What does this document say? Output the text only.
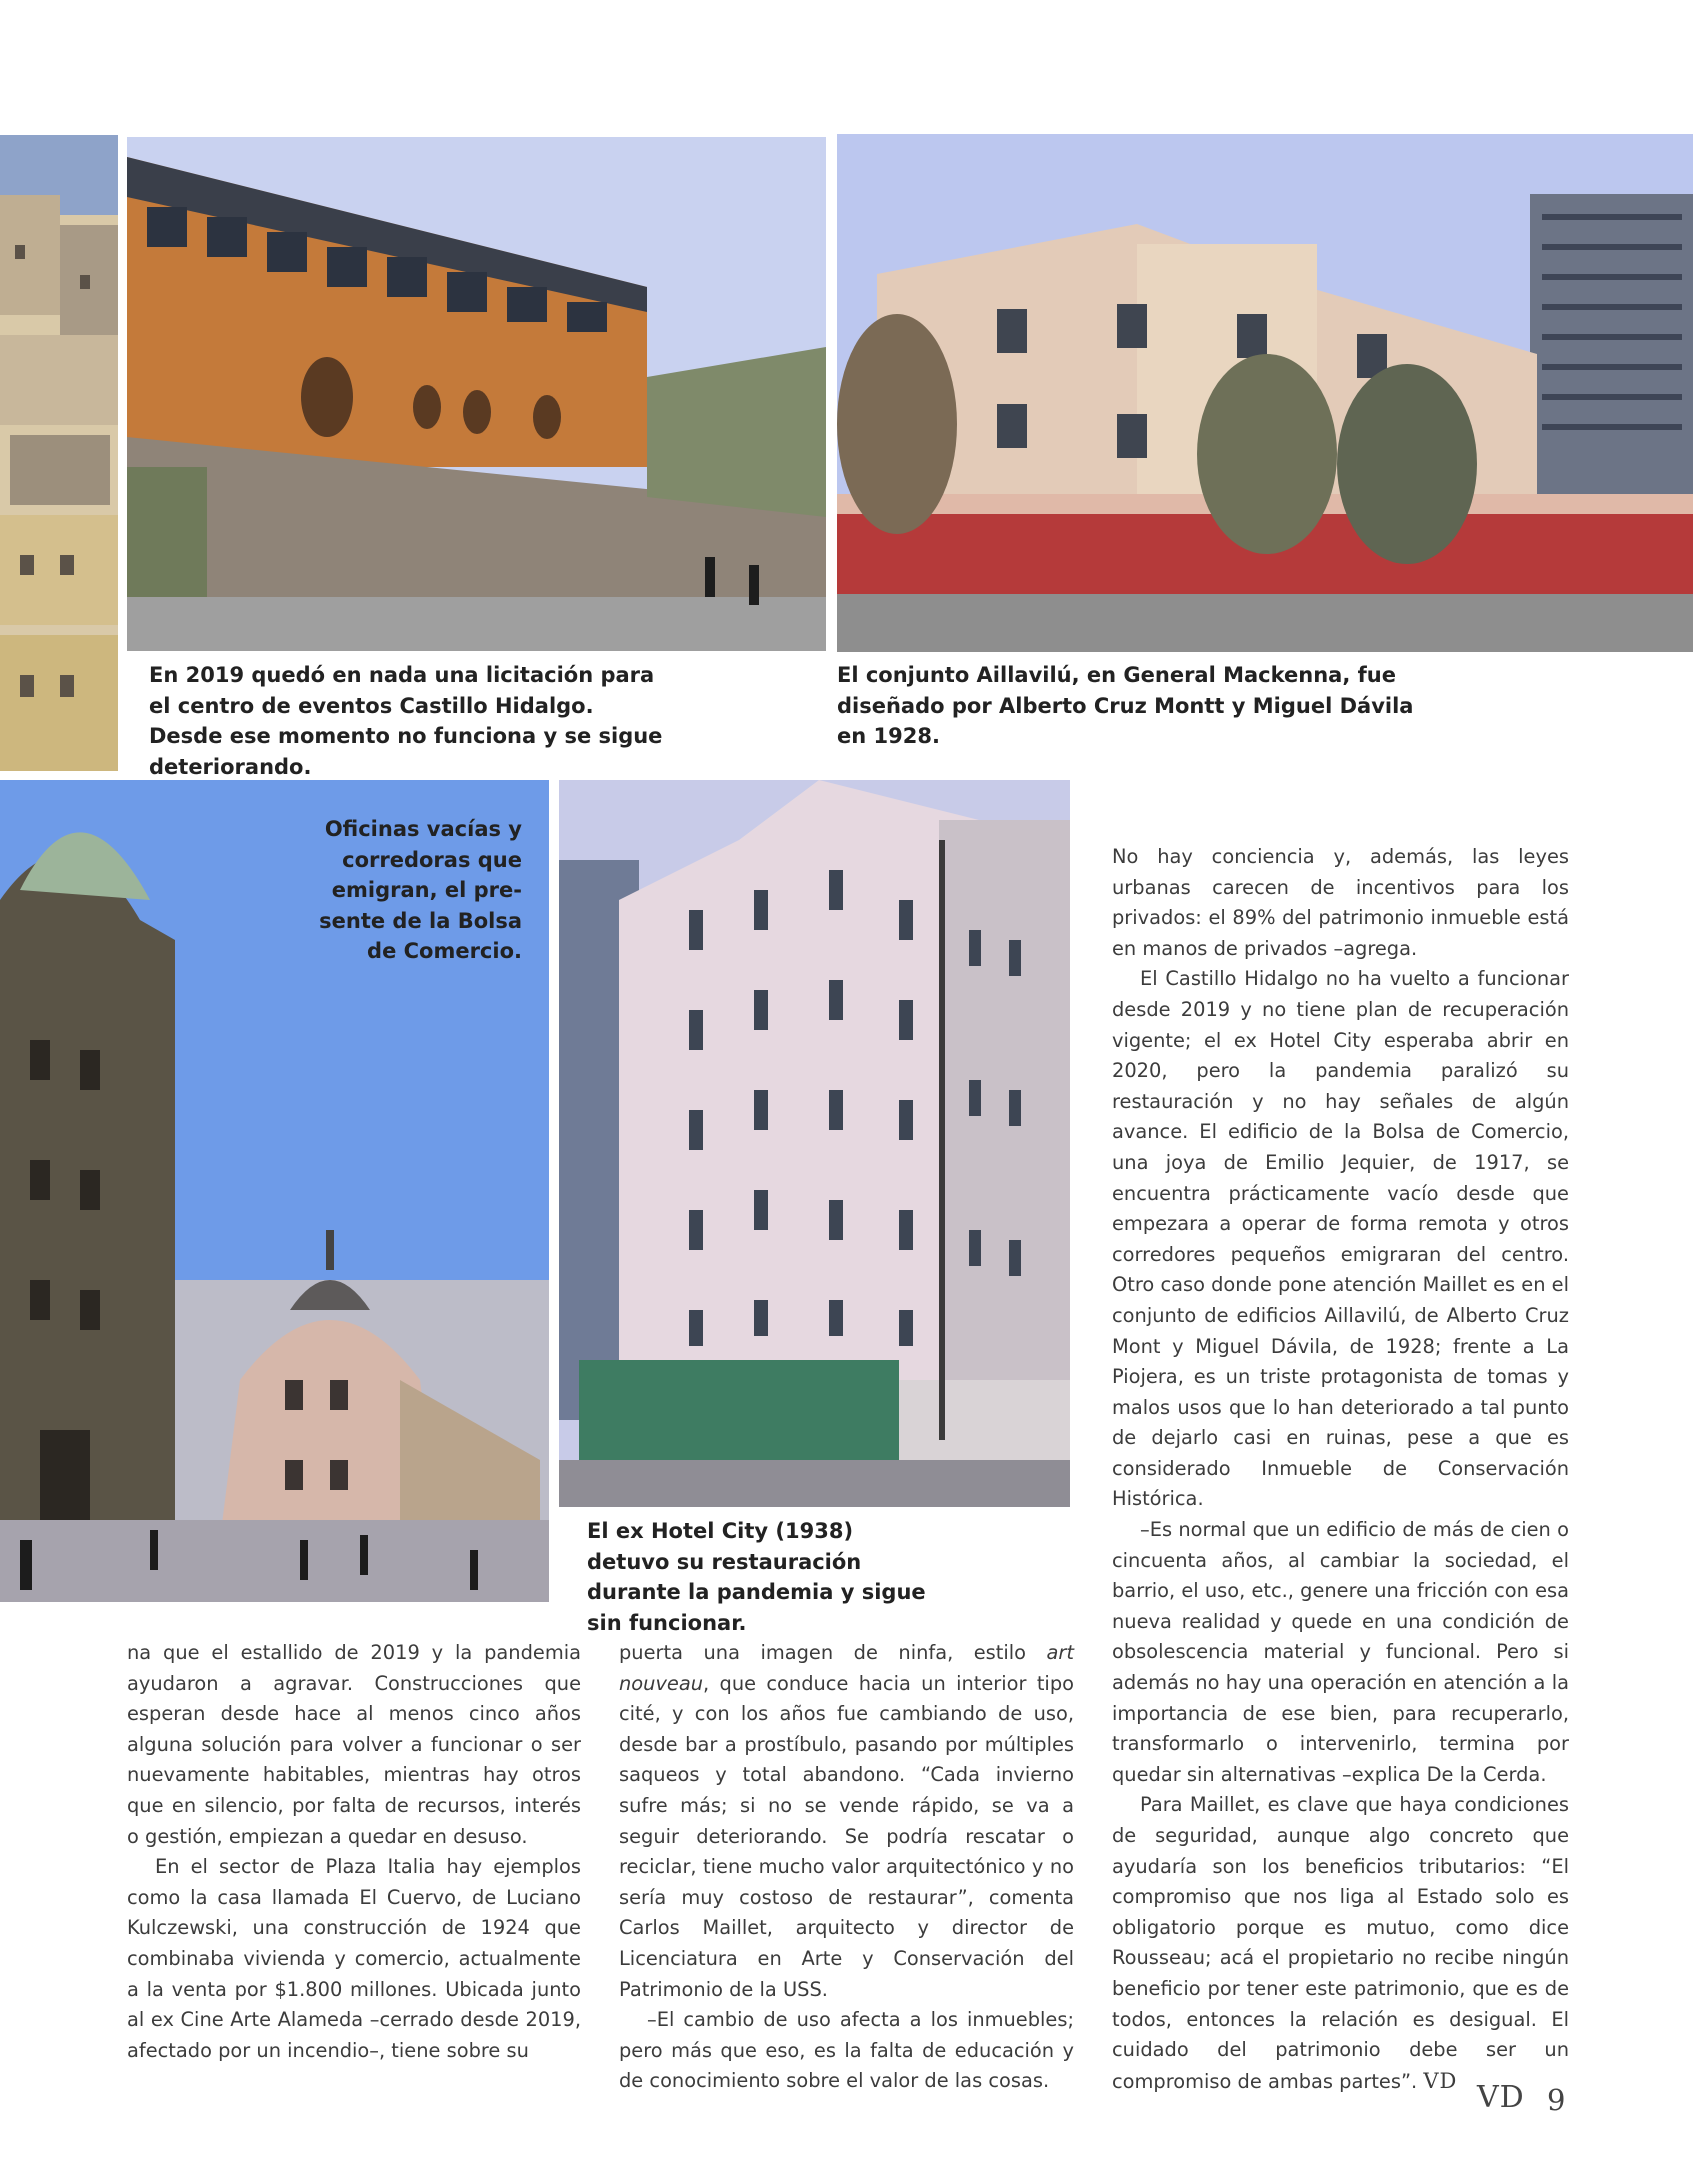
En 2019 quedó en nada una licitación para el centro de eventos Castillo Hidalgo. Desde ese momento no funciona y se sigue deteriorando.
El conjunto Aillavilú, en General Mackenna, fue diseñado por Alberto Cruz Montt y Miguel Dávila en 1928.
Oficinas vacías y
corredoras que
emigran, el pre-
sente de la Bolsa
de Comercio.
El ex Hotel City (1938) detuvo su restauración durante la pandemia y sigue sin funcionar.

No hay conciencia y, además, las leyes urbanas carecen de incentivos para los privados: el 89% del patrimonio inmueble está en manos de privados –agrega.

El Castillo Hidalgo no ha vuelto a funcionar desde 2019 y no tiene plan de recuperación vigente; el ex Hotel City esperaba abrir en 2020, pero la pandemia paralizó su restauración y no hay señales de algún avance. El edificio de la Bolsa de Comercio, una joya de Emilio Jequier, de 1917, se encuentra prácticamente vacío desde que empezara a operar de forma remota y otros corredores pequeños emigraran del centro. Otro caso donde pone atención Maillet es en el conjunto de edificios Aillavilú, de Alberto Cruz Mont y Miguel Dávila, de 1928; frente a La Piojera, es un triste protagonista de tomas y malos usos que lo han deteriorado a tal punto de dejarlo casi en ruinas, pese a que es considerado Inmueble de Conservación Histórica.

–Es normal que un edificio de más de cien o cincuenta años, al cambiar la sociedad, el barrio, el uso, etc., genere una fricción con esa nueva realidad y quede en una condición de obsolescencia material y funcional. Pero si además no hay una operación en atención a la importancia de ese bien, para recuperarlo, transformarlo o intervenirlo, termina por quedar sin alternativas –explica De la Cerda.

Para Maillet, es clave que haya condiciones de seguridad, aunque algo concreto que ayudaría son los beneficios tributarios: “El compromiso que nos liga al Estado solo es obligatorio porque es mutuo, como dice Rousseau; acá el propietario no recibe ningún beneficio por tener este patrimonio, que es de todos, entonces la relación es desigual. El cuidado del patrimonio debe ser un compromiso de ambas partes”. VD

na que el estallido de 2019 y la pandemia ayudaron a agravar. Construcciones que esperan desde hace al menos cinco años alguna solución para volver a funcionar o ser nuevamente habitables, mientras hay otros que en silencio, por falta de recursos, interés o gestión, empiezan a quedar en desuso.

En el sector de Plaza Italia hay ejemplos como la casa llamada El Cuervo, de Luciano Kulczewski, una construcción de 1924 que combinaba vivienda y comercio, actualmente a la venta por $1.800 millones. Ubicada junto al ex Cine Arte Alameda –cerrado desde 2019, afectado por un incendio–, tiene sobre su

puerta una imagen de ninfa, estilo art nouveau, que conduce hacia un interior tipo cité, y con los años fue cambiando de uso, desde bar a prostíbulo, pasando por múltiples saqueos y total abandono. “Cada invierno sufre más; si no se vende rápido, se va a seguir deteriorando. Se podría rescatar o reciclar, tiene mucho valor arquitectónico y no sería muy costoso de restaurar”, comenta Carlos Maillet, arquitecto y director de Licenciatura en Arte y Conservación del Patrimonio de la USS.

–El cambio de uso afecta a los inmuebles; pero más que eso, es la falta de educación y de conocimiento sobre el valor de las cosas.	VD 9
